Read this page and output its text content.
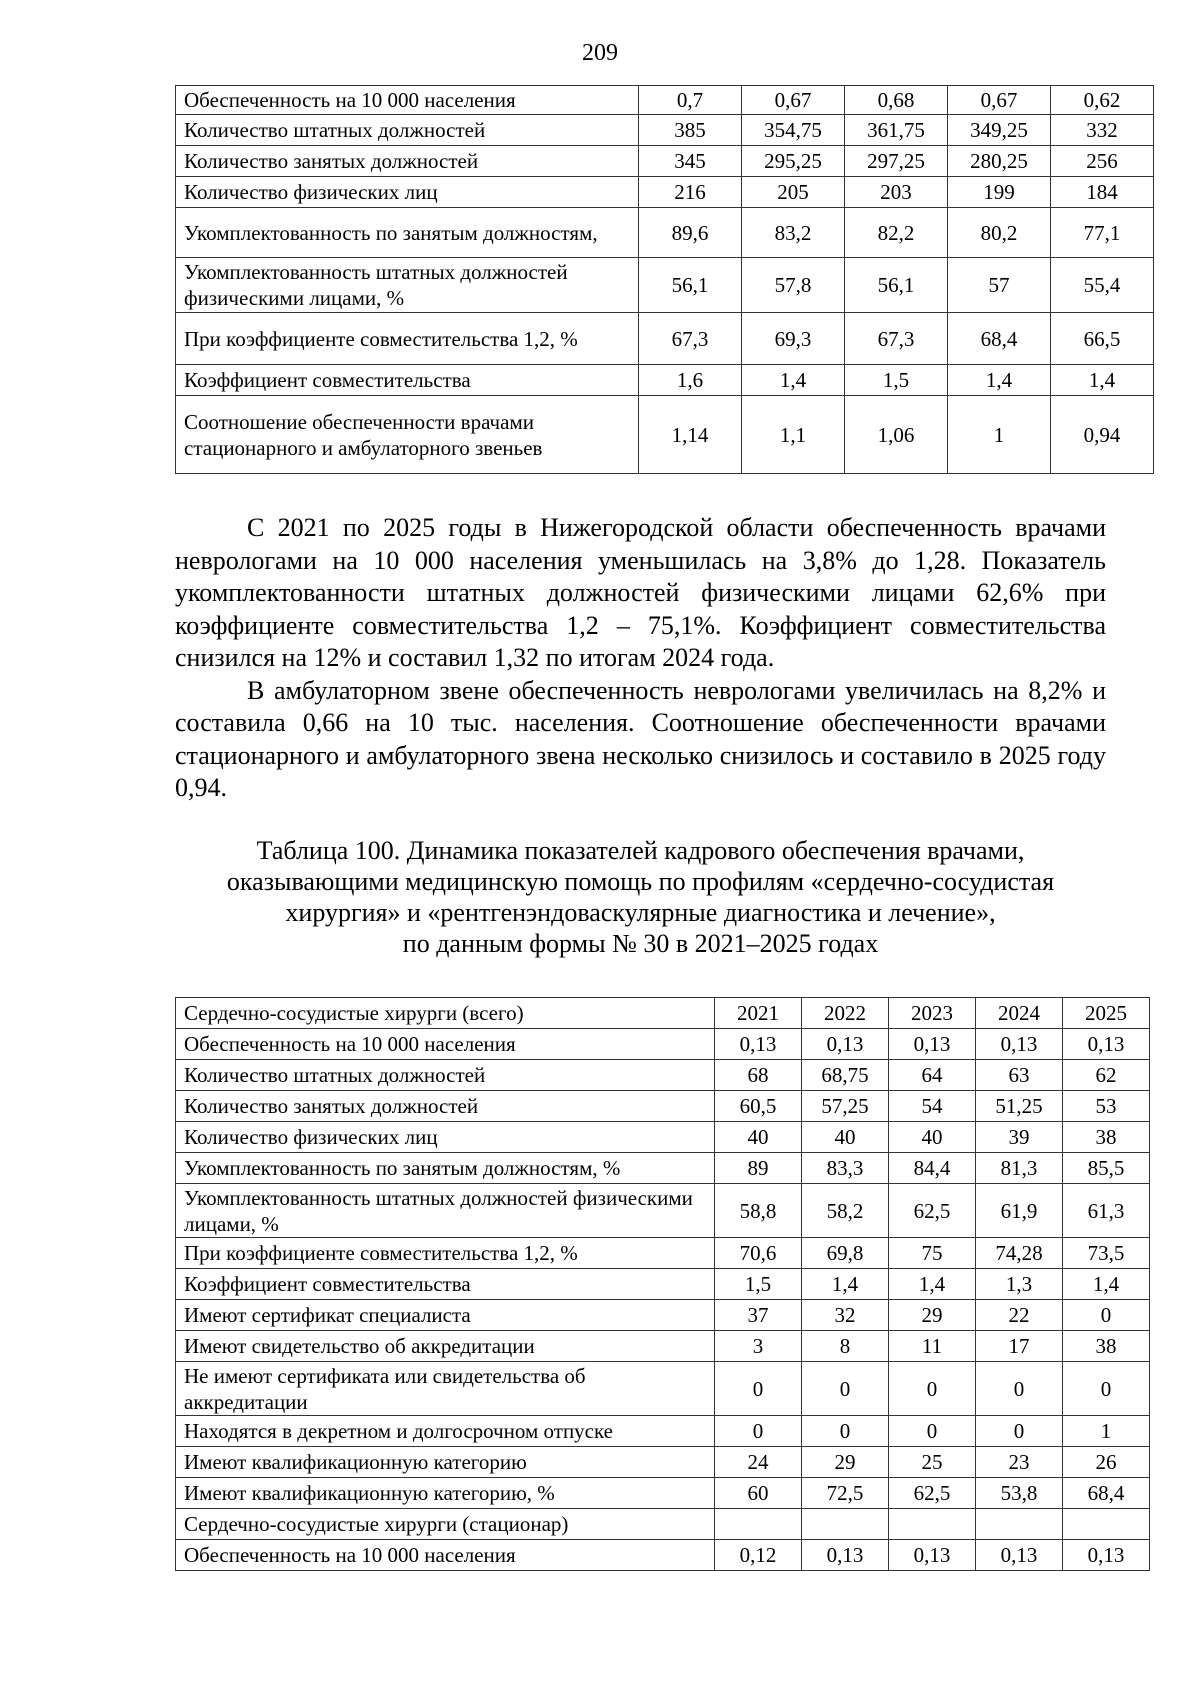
209
Обеспеченность на 10 000 населения	0,7	0,67	0,68	0,67	0,62
Количество штатных должностей	385	354,75	361,75	349,25	332
Количество занятых должностей	345	295,25	297,25	280,25	256
Количество физических лиц	216	205	203	199	184
Укомплектованность по занятым должностям,	89,6	83,2	82,2	80,2	77,1
Укомплектованность штатных должностей физическими лицами, %	56,1	57,8	56,1	57	55,4
При коэффициенте совместительства 1,2, %	67,3	69,3	67,3	68,4	66,5
Коэффициент совместительства	1,6	1,4	1,5	1,4	1,4
Соотношение обеспеченности врачами стационарного и амбулаторного звеньев	1,14	1,1	1,06	1	0,94

С 2021 по 2025 годы в Нижегородской области обеспеченность врачами неврологами на 10 000 населения уменьшилась на 3,8% до 1,28. Показатель укомплектованности штатных должностей физическими лицами 62,6% при коэффициенте совместительства 1,2 – 75,1%. Коэффициент совместительства снизился на 12% и составил 1,32 по итогам 2024 года.

В амбулаторном звене обеспеченность неврологами увеличилась на 8,2% и составила 0,66 на 10 тыс. населения. Соотношение обеспеченности врачами стационарного и амбулаторного звена несколько снизилось и составило в 2025 году 0,94.

Таблица 100. Динамика показателей кадрового обеспечения врачами,
оказывающими медицинскую помощь по профилям «сердечно-сосудистая
хирургия» и «рентгенэндоваскулярные диагностика и лечение»,
по данным формы № 30 в 2021–2025 годах
Сердечно-сосудистые хирурги (всего)	2021	2022	2023	2024	2025
Обеспеченность на 10 000 населения	0,13	0,13	0,13	0,13	0,13
Количество штатных должностей	68	68,75	64	63	62
Количество занятых должностей	60,5	57,25	54	51,25	53
Количество физических лиц	40	40	40	39	38
Укомплектованность по занятым должностям, %	89	83,3	84,4	81,3	85,5
Укомплектованность штатных должностей физическими лицами, %	58,8	58,2	62,5	61,9	61,3
При коэффициенте совместительства 1,2, %	70,6	69,8	75	74,28	73,5
Коэффициент совместительства	1,5	1,4	1,4	1,3	1,4
Имеют сертификат специалиста	37	32	29	22	0
Имеют свидетельство об аккредитации	3	8	11	17	38
Не имеют сертификата или свидетельства об аккредитации	0	0	0	0	0
Находятся в декретном и долгосрочном отпуске	0	0	0	0	1
Имеют квалификационную категорию	24	29	25	23	26
Имеют квалификационную категорию, %	60	72,5	62,5	53,8	68,4
Сердечно-сосудистые хирурги (стационар)					
Обеспеченность на 10 000 населения	0,12	0,13	0,13	0,13	0,13
